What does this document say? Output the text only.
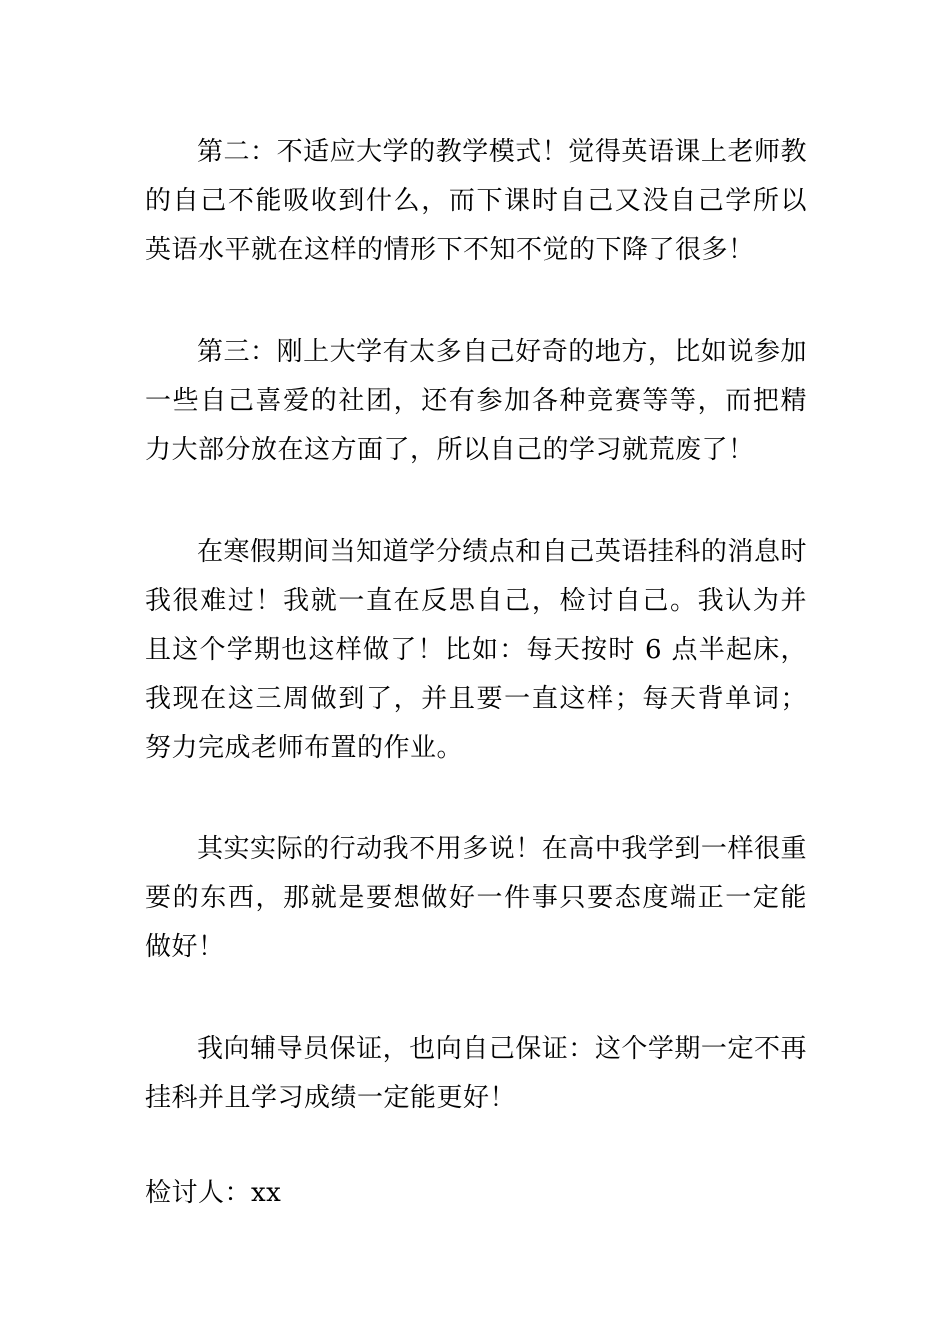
第二：不适应大学的教学模式！觉得英语课上老师教的自己不能吸收到什么，而下课时自己又没自己学所以英语水平就在这样的情形下不知不觉的下降了很多！

第三：刚上大学有太多自己好奇的地方，比如说参加一些自己喜爱的社团，还有参加各种竞赛等等，而把精力大部分放在这方面了，所以自己的学习就荒废了！

在寒假期间当知道学分绩点和自己英语挂科的消息时我很难过！我就一直在反思自己，检讨自己。我认为并且这个学期也这样做了！比如：每天按时 6 点半起床，我现在这三周做到了，并且要一直这样；每天背单词；努力完成老师布置的作业。

其实实际的行动我不用多说！在高中我学到一样很重要的东西，那就是要想做好一件事只要态度端正一定能做好！

我向辅导员保证，也向自己保证：这个学期一定不再挂科并且学习成绩一定能更好！

检讨人：xx
